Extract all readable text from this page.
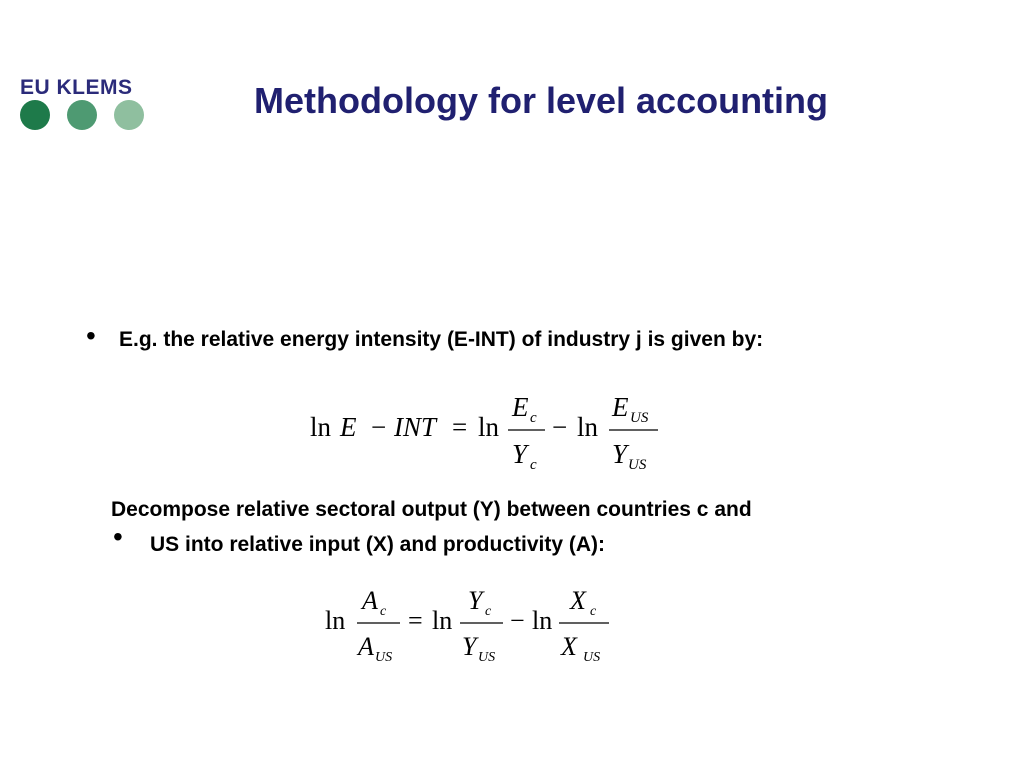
EU KLEMS	Methodology for level accounting
• E.g. the relative energy intensity (E-INT) of industry j is given by:
ln E − INT = ln
E c
Y c
− ln
E US
Y US
Decompose relative sectoral output (Y) between countries c and
• US into relative input (X) and productivity (A):
ln
A c
A US
= ln
Y c
Y US
− ln
X c
X US
